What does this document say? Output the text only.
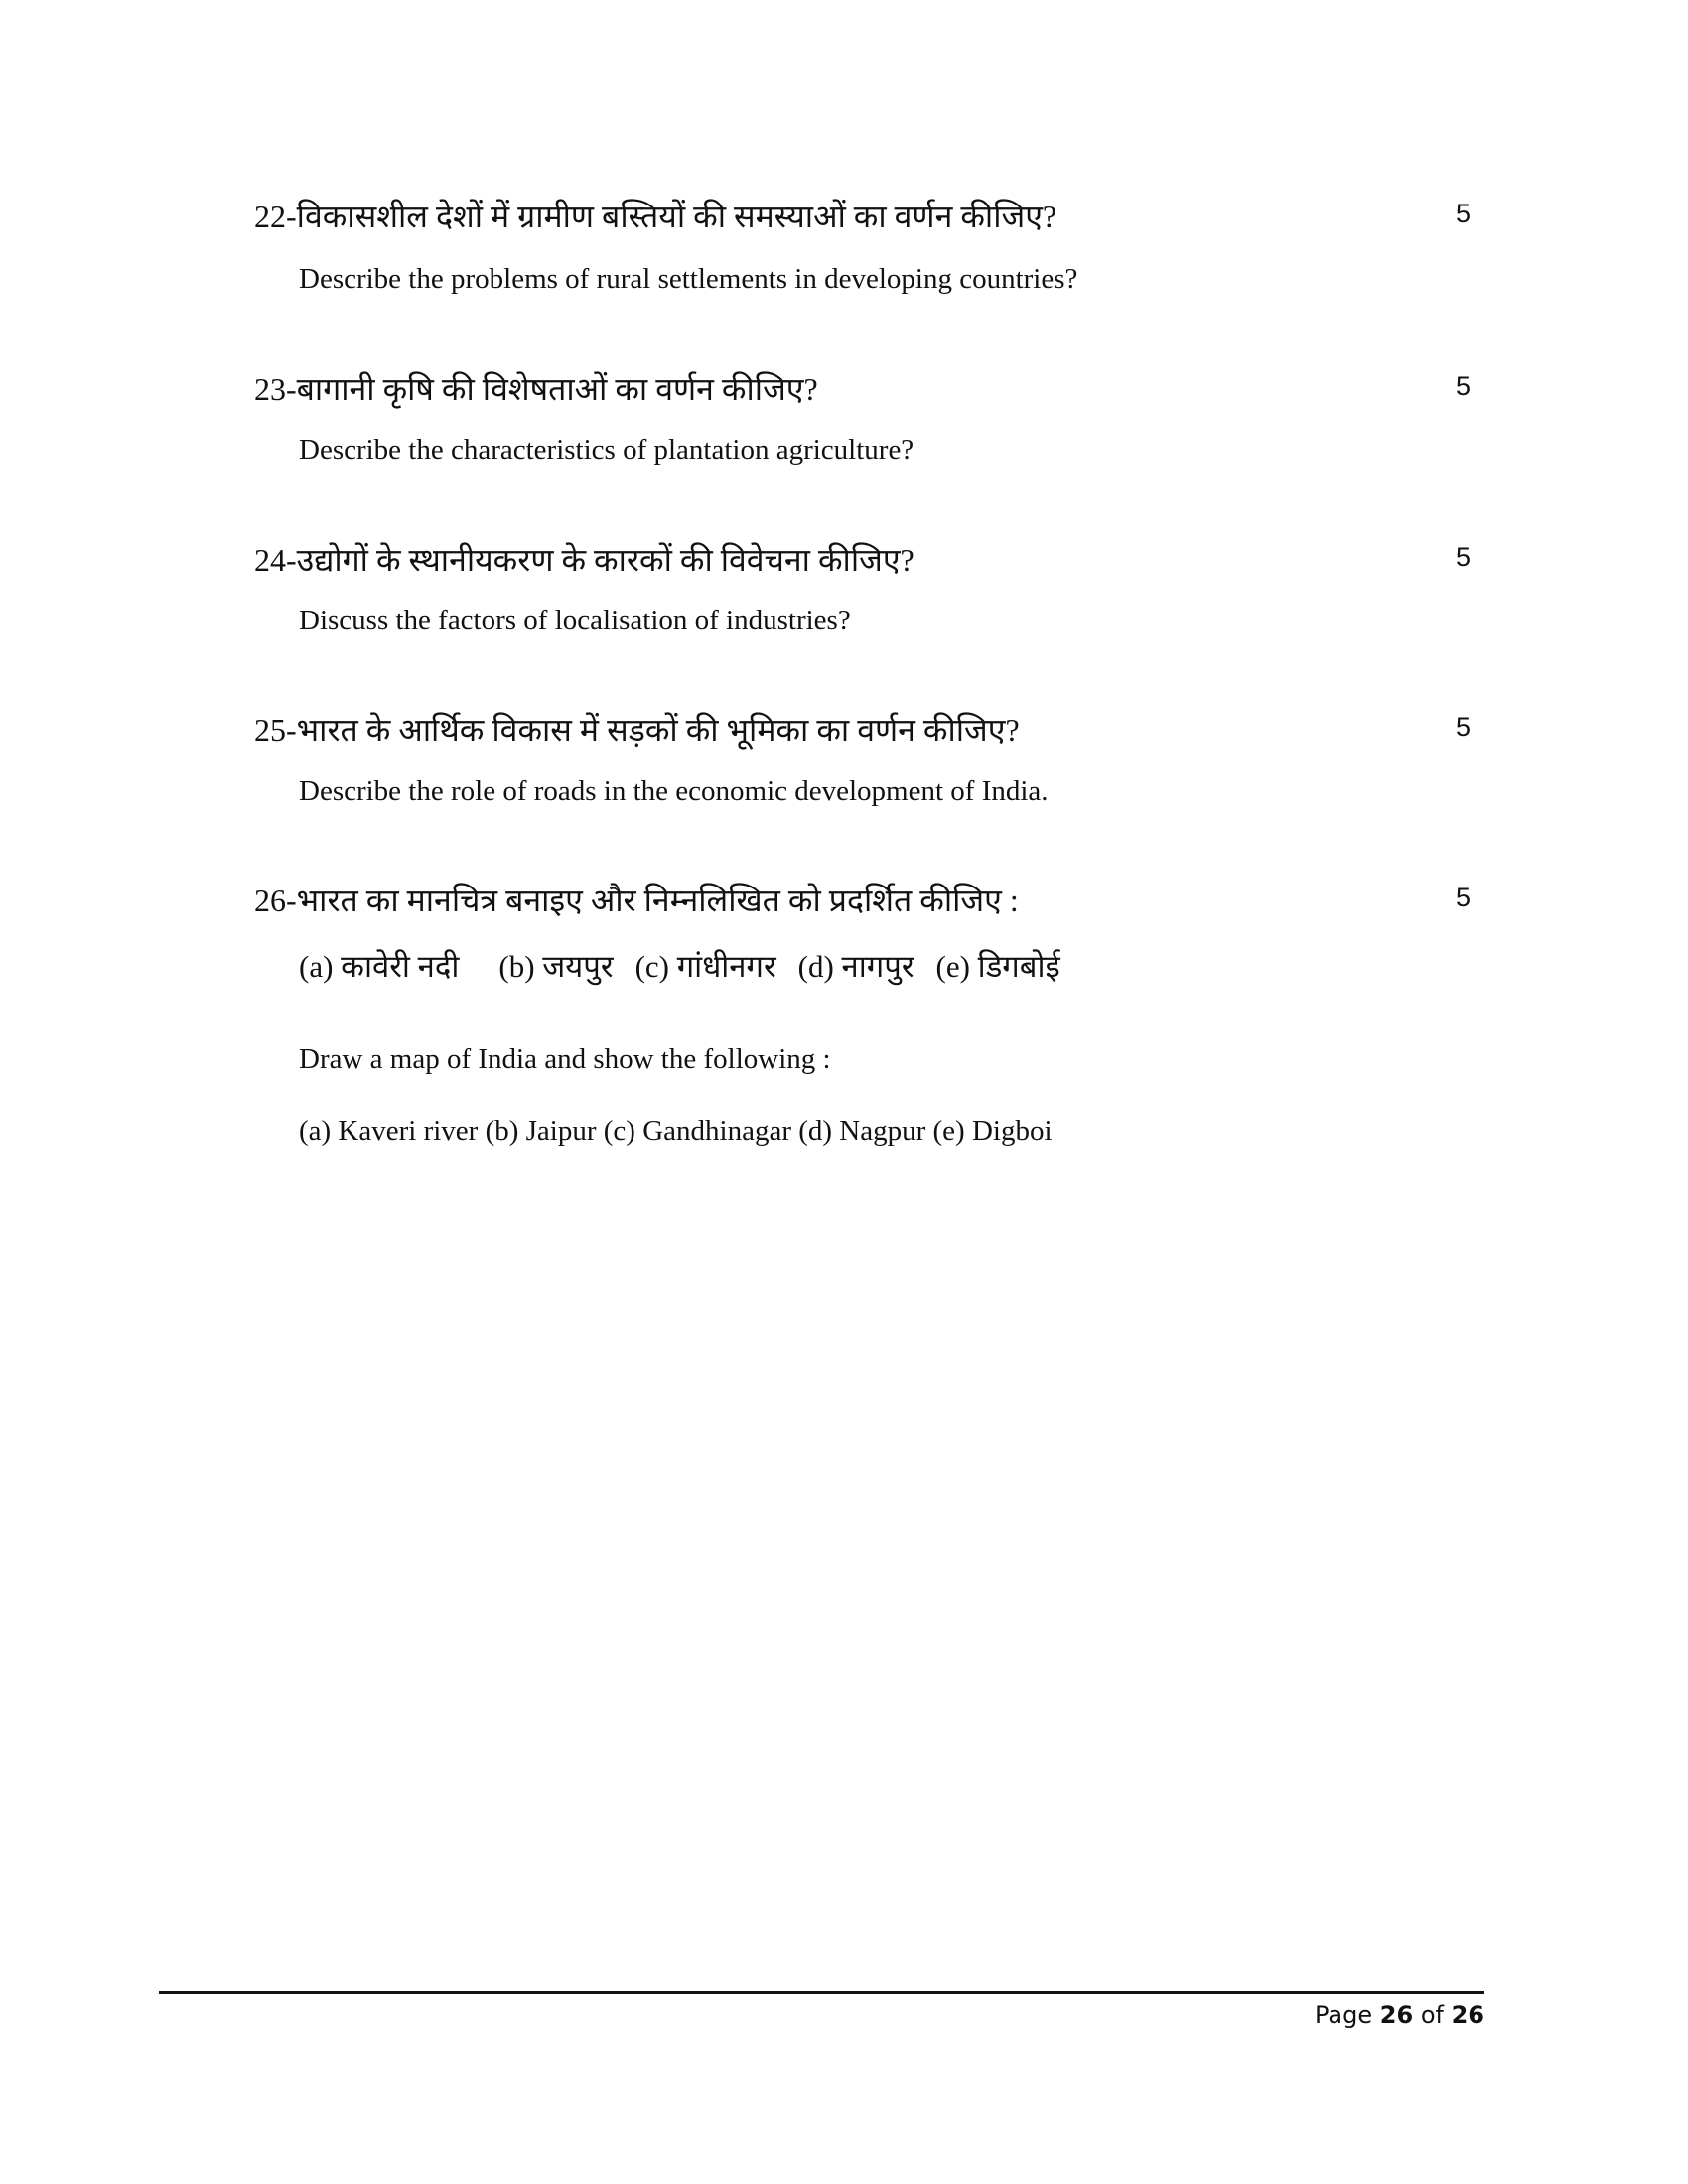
22-विकासशील देशों में ग्रामीण बस्तियों की समस्याओं का वर्णन कीजिए?	5
Describe the problems of rural settlements in developing countries?
23-बागानी कृषि की विशेषताओं का वर्णन कीजिए?	5
Describe the characteristics of plantation agriculture?
24-उद्योगों के स्थानीयकरण के कारकों की विवेचना कीजिए?	5
Discuss the factors of localisation of industries?
25-भारत के आर्थिक विकास में सड़कों की भूमिका का वर्णन कीजिए?	5
Describe the role of roads in the economic development of India.
26-भारत का मानचित्र बनाइए और निम्नलिखित को प्रदर्शित कीजिए :	5
(a) कावेरी नदी (b) जयपुर (c) गांधीनगर (d) नागपुर (e) डिगबोई
Draw a map of India and show the following :
(a) Kaveri river (b) Jaipur (c) Gandhinagar (d) Nagpur (e) Digboi
Page 26 of 26
